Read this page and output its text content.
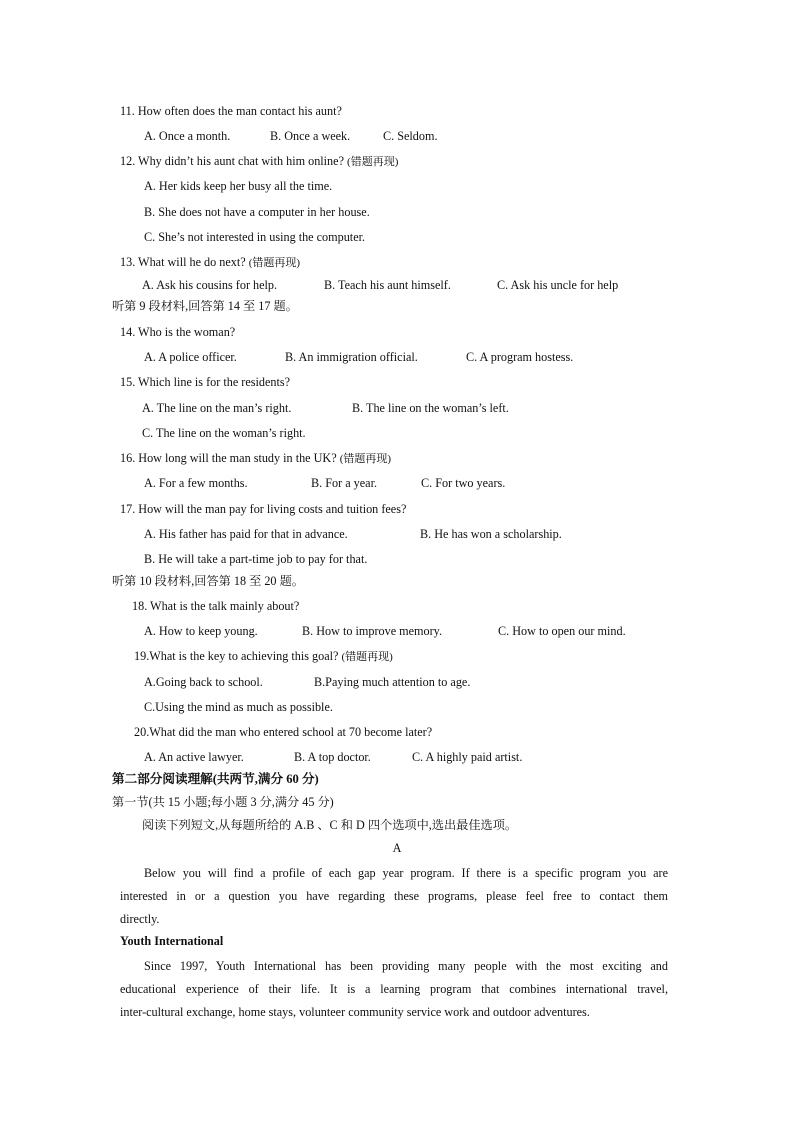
11. How often does the man contact his aunt?
A. Once a month.	B. Once a week.	C. Seldom.
12. Why didn’t his aunt chat with him online? (错题再现)
A. Her kids keep her busy all the time.
B. She does not have a computer in her house.
C. She’s not interested in using the computer.
13. What will he do next? (错题再现)
A. Ask his cousins for help.	B. Teach his aunt himself.	C. Ask his uncle for help
听第 9 段材料,回答第 14 至 17 题。
14. Who is the woman?
A. A police officer.	B. An immigration official.	C. A program hostess.
15. Which line is for the residents?
A. The line on the man’s right.	B. The line on the woman’s left.
C. The line on the woman’s right.
16. How long will the man study in the UK? (错题再现)
A. For a few months.	B. For a year.	C. For two years.
17. How will the man pay for living costs and tuition fees?
A. His father has paid for that in advance.	B. He has won a scholarship.
B. He will take a part-time job to pay for that.
听第 10 段材料,回答第 18 至 20 题。
18. What is the talk mainly about?
A. How to keep young.	B. How to improve memory.	C. How to open our mind.
19.What is the key to achieving this goal? (错题再现)
A.Going back to school.	B.Paying much attention to age.
C.Using the mind as much as possible.
20.What did the man who entered school at 70 become later?
A. An active lawyer.	B. A top doctor.	C. A highly paid artist.
第二部分阅读理解(共两节,满分 60 分)
第一节(共 15 小题;每小题 3 分,满分 45 分)
阅读下列短文,从每题所给的 A.B 、C 和 D 四个选项中,选出最佳选项。
A
Below you will find a profile of each gap year program. If there is a specific program you are
interested in or a question you have regarding these programs, please feel free to contact them
directly.
Youth International
Since 1997, Youth International has been providing many people with the most exciting and
educational experience of their life. It is a learning program that combines international travel,
inter-cultural exchange, home stays, volunteer community service work and outdoor adventures.
